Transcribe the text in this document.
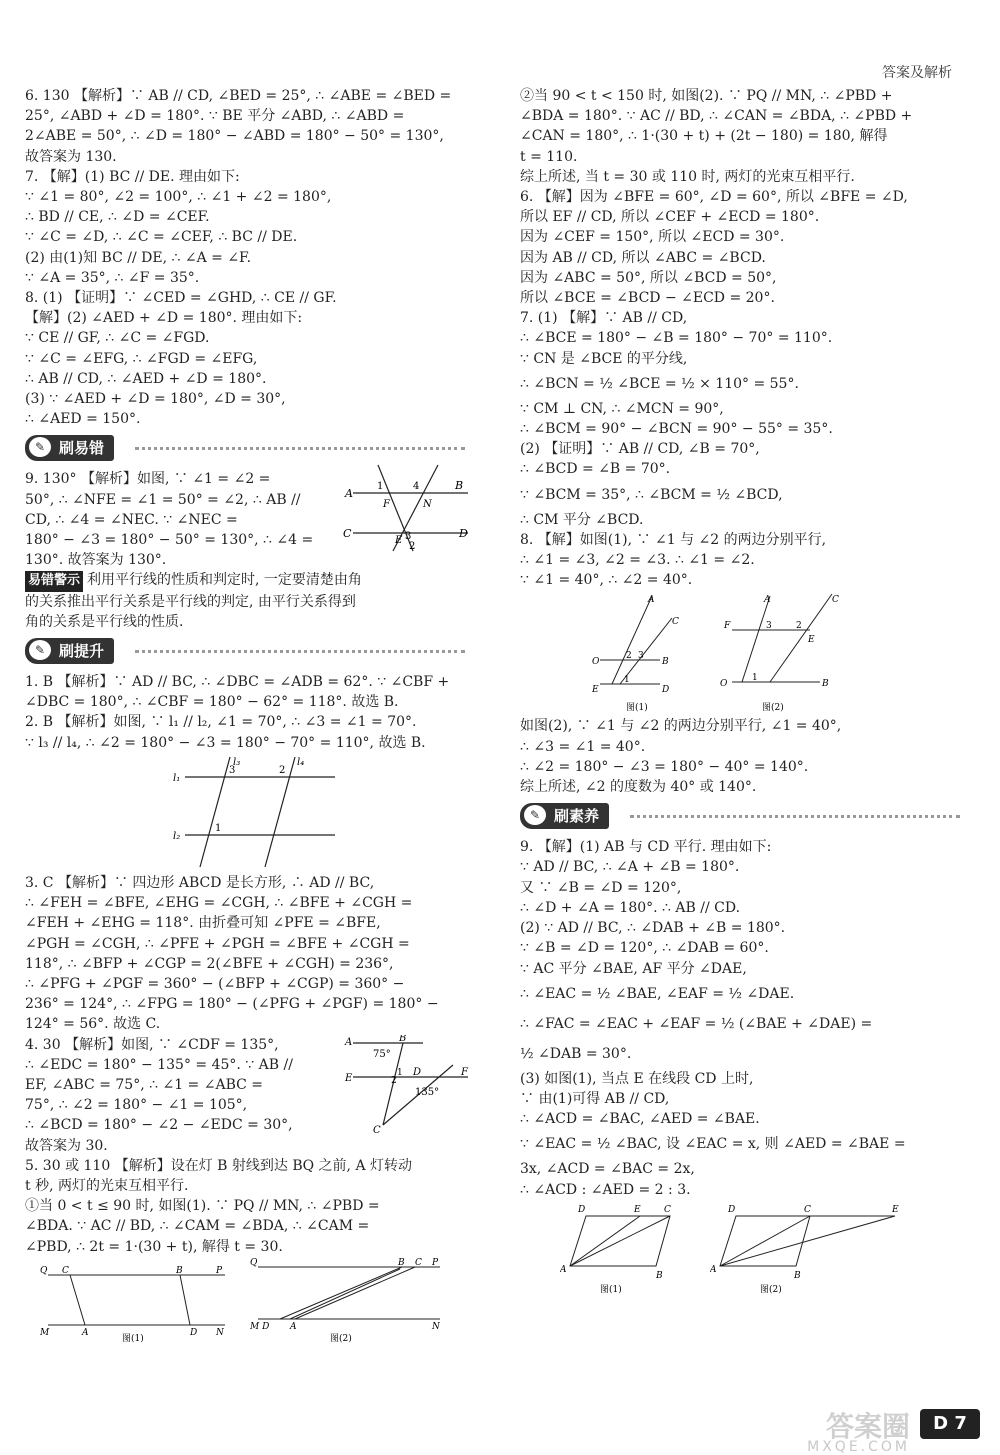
答案及解析

6. 130 【解析】∵ AB // CD, ∠BED = 25°, ∴ ∠ABE = ∠BED =

25°, ∠ABD + ∠D = 180°. ∵ BE 平分 ∠ABD, ∴ ∠ABD =

2∠ABE = 50°, ∴ ∠D = 180° − ∠ABD = 180° − 50° = 130°,

故答案为 130.

7. 【解】(1) BC // DE. 理由如下:

∵ ∠1 = 80°, ∠2 = 100°, ∴ ∠1 + ∠2 = 180°,

∴ BD // CE, ∴ ∠D = ∠CEF.

∵ ∠C = ∠D, ∴ ∠C = ∠CEF, ∴ BC // DE.

(2) 由(1)知 BC // DE, ∴ ∠A = ∠F.

∵ ∠A = 35°, ∴ ∠F = 35°.

8. (1) 【证明】∵ ∠CED = ∠GHD, ∴ CE // GF.

【解】(2) ∠AED + ∠D = 180°. 理由如下:

∵ CE // GF, ∴ ∠C = ∠FGD.

∵ ∠C = ∠EFG, ∴ ∠FGD = ∠EFG,

∴ AB // CD, ∴ ∠AED + ∠D = 180°.

(3) ∵ ∠AED + ∠D = 180°, ∠D = 30°,

∴ ∠AED = 150°.

✎ 刷易错

9. 130° 【解析】如图, ∵ ∠1 = ∠2 =

50°, ∴ ∠NFE = ∠1 = 50° = ∠2, ∴ AB //

CD, ∴ ∠4 = ∠NEC. ∵ ∠NEC =

180° − ∠3 = 180° − 50° = 130°, ∴ ∠4 =

130°. 故答案为 130°.

A
B
C	D
1	4
F	N
E 3
2

易错警示 利用平行线的性质和判定时, 一定要清楚由角

的关系推出平行关系是平行线的判定, 由平行关系得到

角的关系是平行线的性质.

✎ 刷提升

1. B 【解析】∵ AD // BC, ∴ ∠DBC = ∠ADB = 62°. ∵ ∠CBF +

∠DBC = 180°, ∴ ∠CBF = 180° − 62° = 118°. 故选 B.

2. B 【解析】如图, ∵ l₁ // l₂, ∠1 = 70°, ∴ ∠3 = ∠1 = 70°.

∵ l₃ // l₄, ∴ ∠2 = 180° − ∠3 = 180° − 70° = 110°, 故选 B.

l₁
l₂
l₃	l₄
3	2
1

3. C 【解析】∵ 四边形 ABCD 是长方形, ∴ AD // BC,

∴ ∠FEH = ∠BFE, ∠EHG = ∠CGH, ∴ ∠BFE + ∠CGH =

∠FEH + ∠EHG = 118°. 由折叠可知 ∠PFE = ∠BFE,

∠PGH = ∠CGH, ∴ ∠PFE + ∠PGH = ∠BFE + ∠CGH =

118°, ∴ ∠BFP + ∠CGP = 2(∠BFE + ∠CGH) = 236°,

∴ ∠PFG + ∠PGF = 360° − (∠BFP + ∠CGP) = 360° −

236° = 124°, ∴ ∠FPG = 180° − (∠PFG + ∠PGF) = 180° −

124° = 56°. 故选 C.

4. 30 【解析】如图, ∵ ∠CDF = 135°,

∴ ∠EDC = 180° − 135° = 45°. ∵ AB //

EF, ∠ABC = 75°, ∴ ∠1 = ∠ABC =

75°, ∴ ∠2 = 180° − ∠1 = 105°,

∴ ∠BCD = 180° − ∠2 − ∠EDC = 30°,

故答案为 30.

A	B
75°
E
D	F
2
1
135°
C

5. 30 或 110 【解析】设在灯 B 射线到达 BQ 之前, A 灯转动

t 秒, 两灯的光束互相平行.

①当 0 < t ≤ 90 时, 如图(1). ∵ PQ // MN, ∴ ∠PBD =

∠BDA. ∵ AC // BD, ∴ ∠CAM = ∠BDA, ∴ ∠CAM =

∠PBD, ∴ 2t = 1·(30 + t), 解得 t = 30.

Q C	B	P
M	A	D N
图(1)
Q	B C P
M D A	N
图(2)

②当 90 < t < 150 时, 如图(2). ∵ PQ // MN, ∴ ∠PBD +

∠BDA = 180°. ∵ AC // BD, ∴ ∠CAN = ∠BDA, ∴ ∠PBD +

∠CAN = 180°, ∴ 1·(30 + t) + (2t − 180) = 180, 解得

t = 110.

综上所述, 当 t = 30 或 110 时, 两灯的光束互相平行.

6. 【解】因为 ∠BFE = 60°, ∠D = 60°, 所以 ∠BFE = ∠D,

所以 EF // CD, 所以 ∠CEF + ∠ECD = 180°.

因为 ∠CEF = 150°, 所以 ∠ECD = 30°.

因为 AB // CD, 所以 ∠ABC = ∠BCD.

因为 ∠ABC = 50°, 所以 ∠BCD = 50°,

所以 ∠BCE = ∠BCD − ∠ECD = 20°.

7. (1) 【解】∵ AB // CD,

∴ ∠BCE = 180° − ∠B = 180° − 70° = 110°.

∵ CN 是 ∠BCE 的平分线,

∴ ∠BCN = ½ ∠BCE = ½ × 110° = 55°.

∵ CM ⊥ CN, ∴ ∠MCN = 90°,

∴ ∠BCM = 90° − ∠BCN = 90° − 55° = 35°.

(2) 【证明】∵ AB // CD, ∠B = 70°,

∴ ∠BCD = ∠B = 70°.

∵ ∠BCM = 35°, ∴ ∠BCM = ½ ∠BCD,

∴ CM 平分 ∠BCD.

8. 【解】如图(1), ∵ ∠1 与 ∠2 的两边分别平行,

∴ ∠1 = ∠3, ∠2 = ∠3. ∴ ∠1 = ∠2.

∵ ∠1 = 40°, ∴ ∠2 = 40°.

A
C
O	B
E	D
2 3
1
图(1)
A	C
F
E
O	B
3	2
1
图(2)

如图(2), ∵ ∠1 与 ∠2 的两边分别平行, ∠1 = 40°,

∴ ∠3 = ∠1 = 40°.

∴ ∠2 = 180° − ∠3 = 180° − 40° = 140°.

综上所述, ∠2 的度数为 40° 或 140°.

✎ 刷素养

9. 【解】(1) AB 与 CD 平行. 理由如下:

∵ AD // BC, ∴ ∠A + ∠B = 180°.

又 ∵ ∠B = ∠D = 120°,

∴ ∠D + ∠A = 180°. ∴ AB // CD.

(2) ∵ AD // BC, ∴ ∠DAB + ∠B = 180°.

∵ ∠B = ∠D = 120°, ∴ ∠DAB = 60°.

∵ AC 平分 ∠BAE, AF 平分 ∠DAE,

∴ ∠EAC = ½ ∠BAE, ∠EAF = ½ ∠DAE.

∴ ∠FAC = ∠EAC + ∠EAF = ½ (∠BAE + ∠DAE) =

½ ∠DAB = 30°.

(3) 如图(1), 当点 E 在线段 CD 上时,

∵ 由(1)可得 AB // CD,

∴ ∠ACD = ∠BAC, ∠AED = ∠BAE.

∵ ∠EAC = ½ ∠BAC, 设 ∠EAC = x, 则 ∠AED = ∠BAE =

3x, ∠ACD = ∠BAC = 2x,

∴ ∠ACD : ∠AED = 2 : 3.

D	E	C
A
B
图(1)
D	C	E
A
B
图(2)
答案圈
MXQE.COM
D 7
